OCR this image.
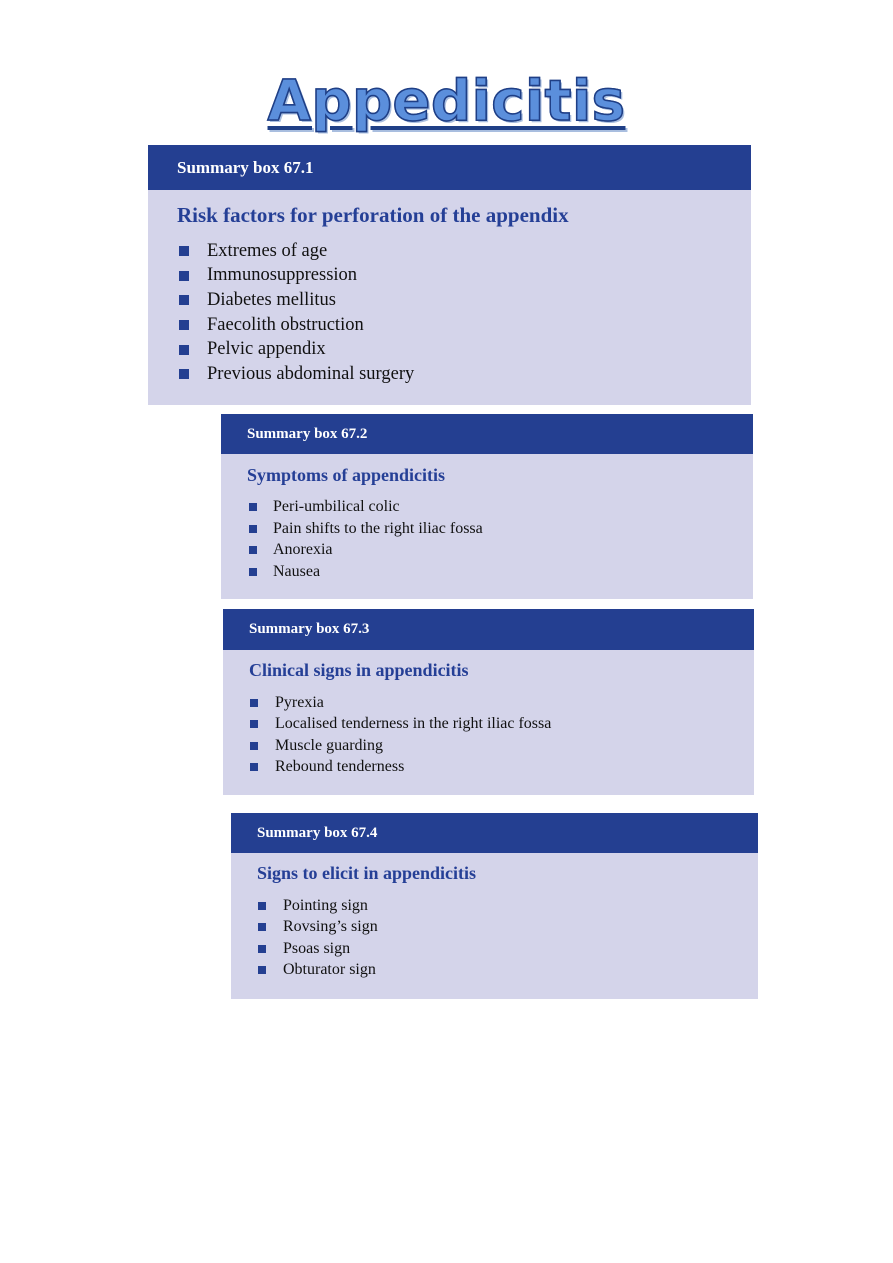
Appedicitis
Summary box 67.1
Risk factors for perforation of the appendix
Extremes of age
Immunosuppression
Diabetes mellitus
Faecolith obstruction
Pelvic appendix
Previous abdominal surgery
Summary box 67.2
Symptoms of appendicitis
Peri-umbilical colic
Pain shifts to the right iliac fossa
Anorexia
Nausea
Summary box 67.3
Clinical signs in appendicitis
Pyrexia
Localised tenderness in the right iliac fossa
Muscle guarding
Rebound tenderness
Summary box 67.4
Signs to elicit in appendicitis
Pointing sign
Rovsing’s sign
Psoas sign
Obturator sign
